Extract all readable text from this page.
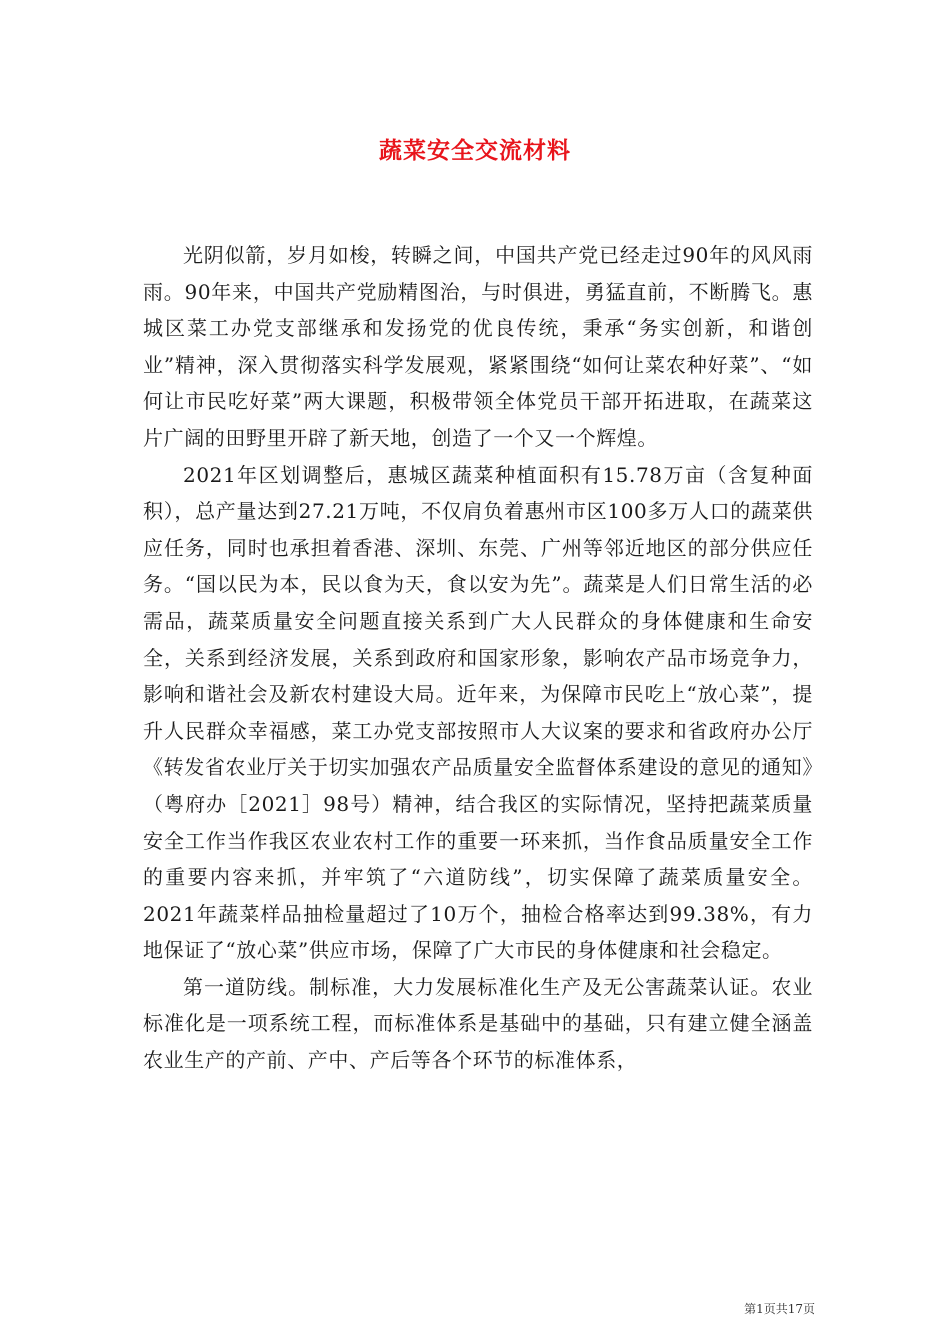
蔬菜安全交流材料

光阴似箭，岁月如梭，转瞬之间，中国共产党已经走过90年的风风雨雨。90年来，中国共产党励精图治，与时俱进，勇猛直前，不断腾飞。惠城区菜工办党支部继承和发扬党的优良传统，秉承“务实创新，和谐创业”精神，深入贯彻落实科学发展观，紧紧围绕“如何让菜农种好菜”、“如何让市民吃好菜”两大课题，积极带领全体党员干部开拓进取，在蔬菜这片广阔的田野里开辟了新天地，创造了一个又一个辉煌。

2021年区划调整后，惠城区蔬菜种植面积有15.78万亩（含复种面积），总产量达到27.21万吨，不仅肩负着惠州市区100多万人口的蔬菜供应任务，同时也承担着香港、深圳、东莞、广州等邻近地区的部分供应任务。“国以民为本，民以食为天，食以安为先”。蔬菜是人们日常生活的必需品，蔬菜质量安全问题直接关系到广大人民群众的身体健康和生命安全，关系到经济发展，关系到政府和国家形象，影响农产品市场竞争力，影响和谐社会及新农村建设大局。近年来，为保障市民吃上“放心菜”，提升人民群众幸福感，菜工办党支部按照市人大议案的要求和省政府办公厅《转发省农业厅关于切实加强农产品质量安全监督体系建设的意见的通知》（粤府办［2021］98号）精神，结合我区的实际情况，坚持把蔬菜质量安全工作当作我区农业农村工作的重要一环来抓，当作食品质量安全工作的重要内容来抓，并牢筑了“六道防线”，切实保障了蔬菜质量安全。2021年蔬菜样品抽检量超过了10万个，抽检合格率达到99.38%，有力地保证了“放心菜”供应市场，保障了广大市民的身体健康和社会稳定。

第一道防线。制标准，大力发展标准化生产及无公害蔬菜认证。农业标准化是一项系统工程，而标准体系是基础中的基础，只有建立健全涵盖农业生产的产前、产中、产后等各个环节的标准体系，

第1页共17页
